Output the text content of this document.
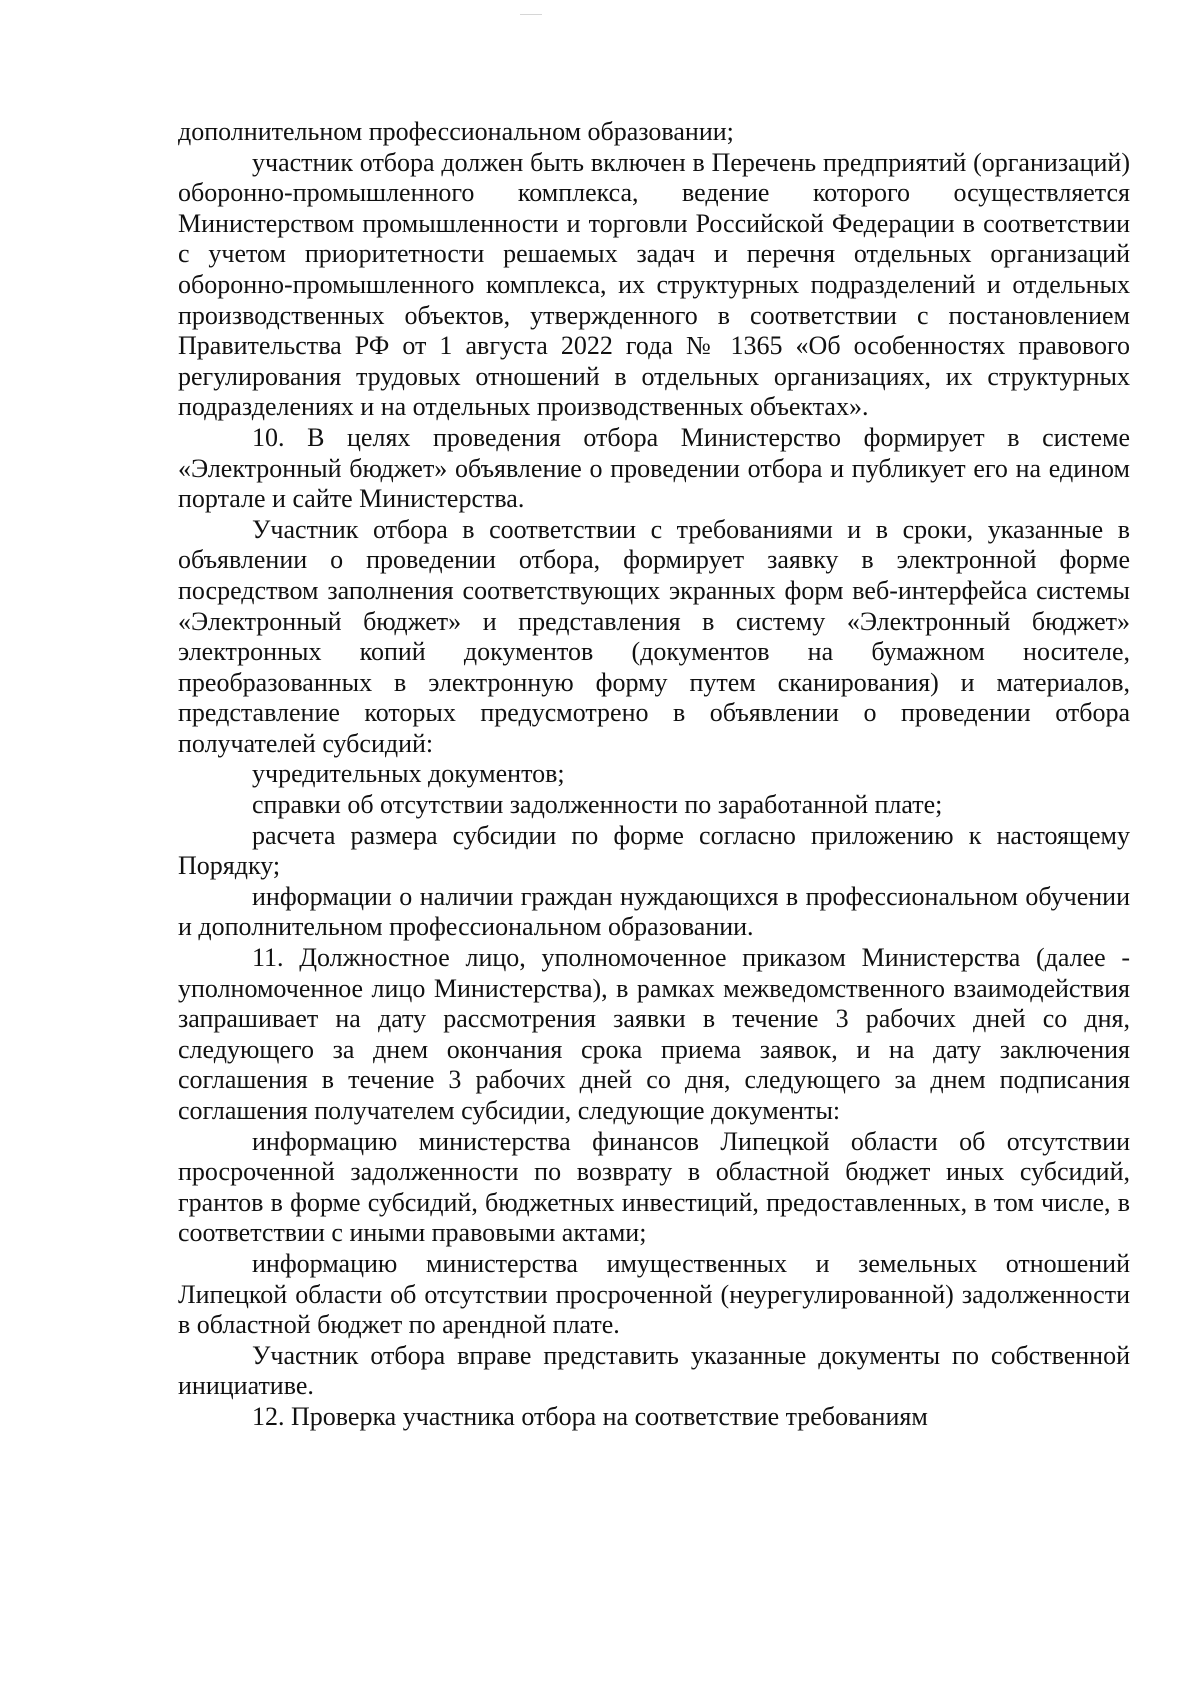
дополнительном профессиональном образовании;

участник отбора должен быть включен в Перечень предприятий (организаций) оборонно-промышленного комплекса, ведение которого осуществляется Министерством промышленности и торговли Российской Федерации в соответствии с учетом приоритетности решаемых задач и перечня отдельных организаций оборонно-промышленного комплекса, их структурных подразделений и отдельных производственных объектов, утвержденного в соответствии с постановлением Правительства РФ от 1 августа 2022 года № 1365 «Об особенностях правового регулирования трудовых отношений в отдельных организациях, их структурных подразделениях и на отдельных производственных объектах».

10. В целях проведения отбора Министерство формирует в системе «Электронный бюджет» объявление о проведении отбора и публикует его на едином портале и сайте Министерства.

Участник отбора в соответствии с требованиями и в сроки, указанные в объявлении о проведении отбора, формирует заявку в электронной форме посредством заполнения соответствующих экранных форм веб-интерфейса системы «Электронный бюджет» и представления в систему «Электронный бюджет» электронных копий документов (документов на бумажном носителе, преобразованных в электронную форму путем сканирования) и материалов, представление которых предусмотрено в объявлении о проведении отбора получателей субсидий:

учредительных документов;

справки об отсутствии задолженности по заработанной плате;

расчета размера субсидии по форме согласно приложению к настоящему Порядку;

информации о наличии граждан нуждающихся в профессиональном обучении и дополнительном профессиональном образовании.

11. Должностное лицо, уполномоченное приказом Министерства (далее - уполномоченное лицо Министерства), в рамках межведомственного взаимодействия запрашивает на дату рассмотрения заявки в течение 3 рабочих дней со дня, следующего за днем окончания срока приема заявок, и на дату заключения соглашения в течение 3 рабочих дней со дня, следующего за днем подписания соглашения получателем субсидии, следующие документы:

информацию министерства финансов Липецкой области об отсутствии просроченной задолженности по возврату в областной бюджет иных субсидий, грантов в форме субсидий, бюджетных инвестиций, предоставленных, в том числе, в соответствии с иными правовыми актами;

информацию министерства имущественных и земельных отношений Липецкой области об отсутствии просроченной (неурегулированной) задолженности в областной бюджет по арендной плате.

Участник отбора вправе представить указанные документы по собственной инициативе.

12. Проверка участника отбора на соответствие требованиям
